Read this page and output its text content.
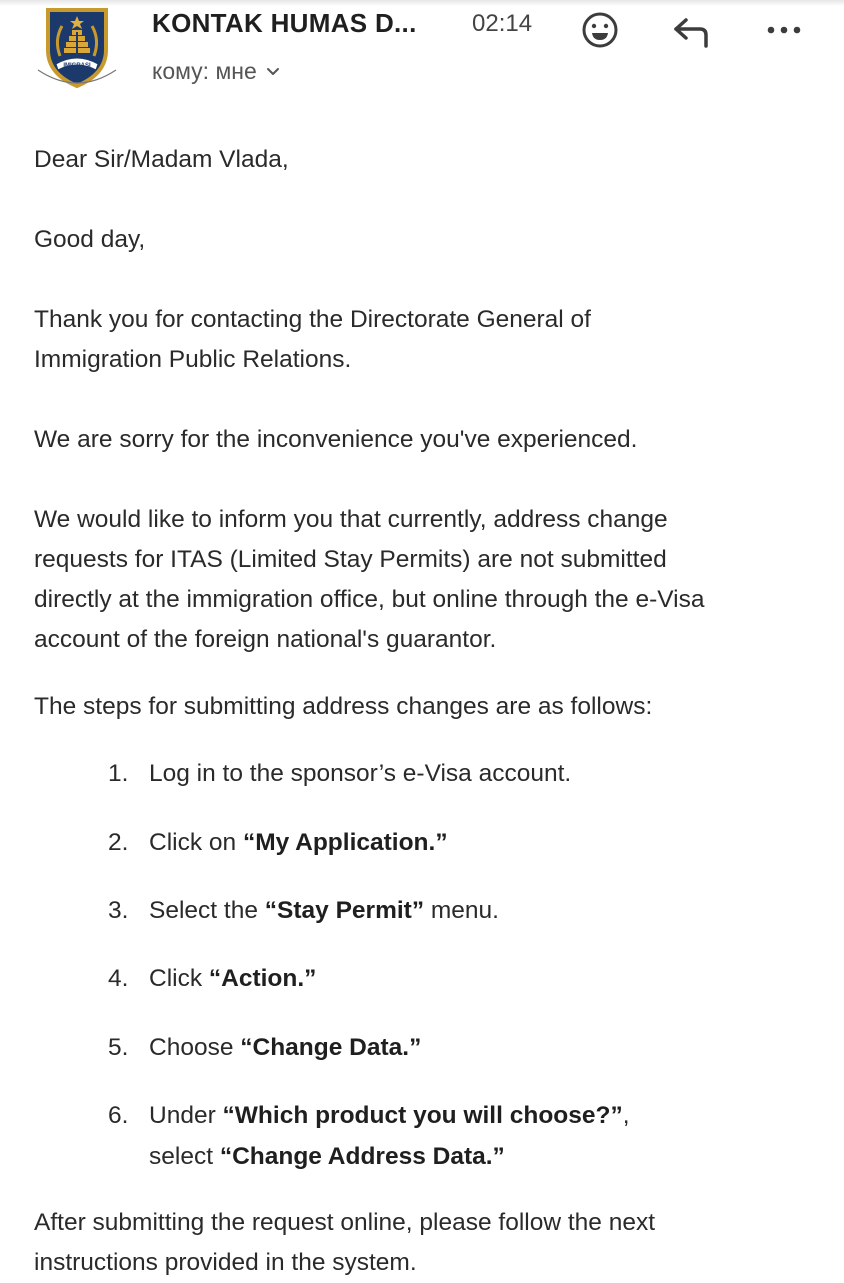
IMIGRASI
KONTAK HUMAS D... 02:14
кому: мне

Dear Sir/Madam Vlada,

Good day,

Thank you for contacting the Directorate General of

Immigration Public Relations.

We are sorry for the inconvenience you've experienced.

We would like to inform you that currently, address change

requests for ITAS (Limited Stay Permits) are not submitted

directly at the immigration office, but online through the e-Visa

account of the foreign national's guarantor.

The steps for submitting address changes are as follows:

1. Log in to the sponsor’s e-Visa account.
2. Click on “My Application.”
3. Select the “Stay Permit” menu.
4. Click “Action.”
5. Choose “Change Data.”
6. Under “Which product you will choose?”,
select “Change Address Data.”

After submitting the request online, please follow the next

instructions provided in the system.
